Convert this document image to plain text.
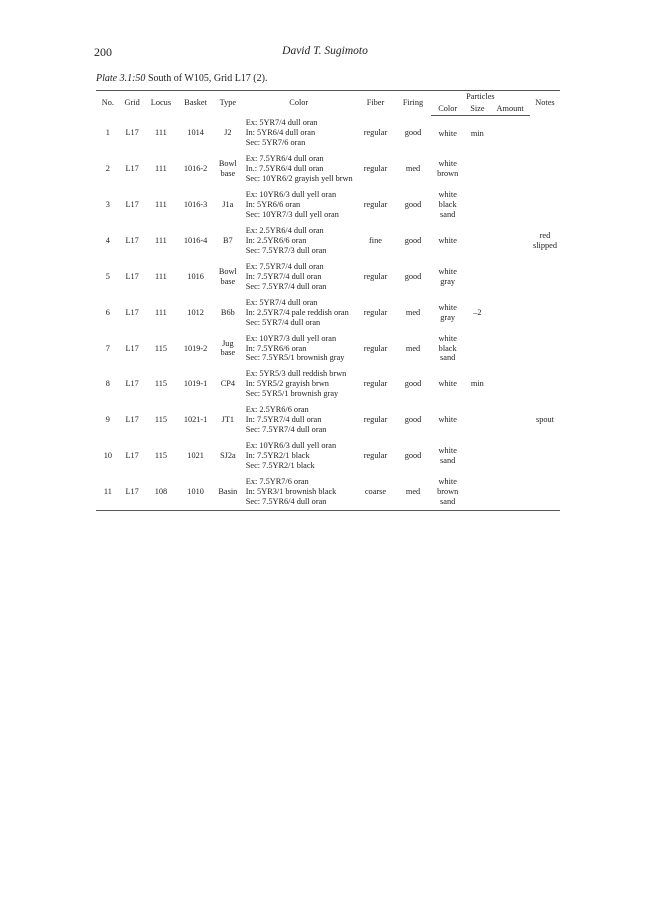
200	David T. Sugimoto
Plate 3.1:50 South of W105, Grid L17 (2).
No.	Grid	Locus	Basket	Type	Color	Fiber	Firing	Particles			Notes
								Color	Size	Amount	
1	L17	111	1014	J2	Ex: 5YR7/4 dull oran
In: 5YR6/4 dull oran
Sec: 5YR7/6 oran	regular	good	white	min		

2	L17	111	1016-2	Bowl
base	Ex: 7.5YR6/4 dull oran
In.: 7.5YR6/4 dull oran
Sec: 10YR6/2 grayish yell brwn	regular	med	white
brown			

3	L17	111	1016-3	J1a	Ex: 10YR6/3 dull yell oran
In: 5YR6/6 oran
Sec: 10YR7/3 dull yell oran	regular	good	white
black
sand			

4	L17	111	1016-4	B7	Ex: 2.5YR6/4 dull oran
In: 2.5YR6/6 oran
Sec: 7.5YR7/3 dull oran	fine	good	white			red
slipped

5	L17	111	1016	Bowl
base	Ex: 7.5YR7/4 dull oran
In: 7.5YR7/4 dull oran
Sec: 7.5YR7/4 dull oran	regular	good	white
gray			

6	L17	111	1012	B6b	Ex: 5YR7/4 dull oran
In: 2.5YR7/4 pale reddish oran
Sec: 5YR7/4 dull oran	regular	med	white
gray	–2		

7	L17	115	1019-2	Jug
base	Ex: 10YR7/3 dull yell oran
In: 7.5YR6/6 oran
Sec: 7.5YR5/1 brownish gray	regular	med	white
black
sand			

8	L17	115	1019-1	CP4	Ex: 5YR5/3 dull reddish brwn
In: 5YR5/2 grayish brwn
Sec: 5YR5/1 brownish gray	regular	good	white	min		

9	L17	115	1021-1	JT1	Ex: 2.5YR6/6 oran
In: 7.5YR7/4 dull oran
Sec: 7.5YR7/4 dull oran	regular	good	white			spout

10	L17	115	1021	SJ2a	Ex: 10YR6/3 dull yell oran
In: 7.5YR2/1 black
Sec: 7.5YR2/1 black	regular	good	white
sand			

11	L17	108	1010	Basin	Ex: 7.5YR7/6 oran
In: 5YR3/1 brownish black
Sec: 7.5YR6/4 dull oran	coarse	med	white
brown
sand			
